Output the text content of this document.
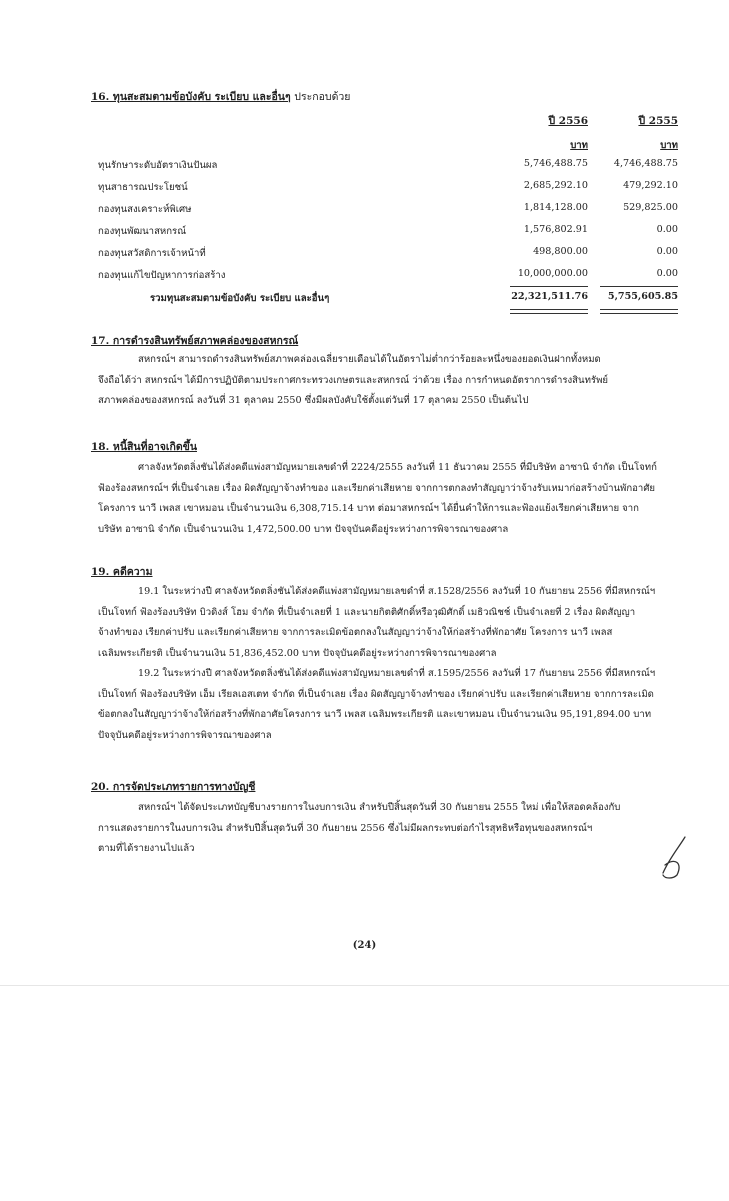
16. ทุนสะสมตามข้อบังคับ ระเบียบ และอื่นๆ ประกอบด้วย
ปี 2556	ปี 2555
บาท	บาท
ทุนรักษาระดับอัตราเงินปันผล	5,746,488.75	4,746,488.75
ทุนสาธารณประโยชน์	2,685,292.10	479,292.10
กองทุนสงเคราะห์พิเศษ	1,814,128.00	529,825.00
กองทุนพัฒนาสหกรณ์	1,576,802.91	0.00
กองทุนสวัสดิการเจ้าหน้าที่	498,800.00	0.00
กองทุนแก้ไขปัญหาการก่อสร้าง	10,000,000.00	0.00
รวมทุนสะสมตามข้อบังคับ ระเบียบ และอื่นๆ	22,321,511.76	5,755,605.85
17. การดำรงสินทรัพย์สภาพคล่องของสหกรณ์
สหกรณ์ฯ สามารถดำรงสินทรัพย์สภาพคล่องเฉลี่ยรายเดือนได้ในอัตราไม่ต่ำกว่าร้อยละหนึ่งของยอดเงินฝากทั้งหมด
จึงถือได้ว่า สหกรณ์ฯ ได้มีการปฏิบัติตามประกาศกระทรวงเกษตรและสหกรณ์ ว่าด้วย เรื่อง การกำหนดอัตราการดำรงสินทรัพย์
สภาพคล่องของสหกรณ์ ลงวันที่ 31 ตุลาคม 2550 ซึ่งมีผลบังคับใช้ตั้งแต่วันที่ 17 ตุลาคม 2550 เป็นต้นไป
18. หนี้สินที่อาจเกิดขึ้น
ศาลจังหวัดตลิ่งชันได้ส่งคดีแพ่งสามัญหมายเลขดำที่ 2224/2555 ลงวันที่ 11 ธันวาคม 2555 ที่มีบริษัท อาซานิ จำกัด เป็นโจทก์
ฟ้องร้องสหกรณ์ฯ ที่เป็นจำเลย เรื่อง ผิดสัญญาจ้างทำของ และเรียกค่าเสียหาย จากการตกลงทำสัญญาว่าจ้างรับเหมาก่อสร้างบ้านพักอาศัย
โครงการ นาวี เพลส เขาหมอน เป็นจำนวนเงิน 6,308,715.14 บาท ต่อมาสหกรณ์ฯ ได้ยื่นคำให้การและฟ้องแย้งเรียกค่าเสียหาย จาก
บริษัท อาซานิ จำกัด เป็นจำนวนเงิน 1,472,500.00 บาท ปัจจุบันคดีอยู่ระหว่างการพิจารณาของศาล
19. คดีความ
19.1 ในระหว่างปี ศาลจังหวัดตลิ่งชันได้ส่งคดีแพ่งสามัญหมายเลขดำที่ ส.1528/2556 ลงวันที่ 10 กันยายน 2556 ที่มีสหกรณ์ฯ
เป็นโจทก์ ฟ้องร้องบริษัท บิวดิงส์ โฮม จำกัด ที่เป็นจำเลยที่ 1 และนายกิตติศักดิ์หรือวุฒิศักดิ์ เมธิวณิชช์ เป็นจำเลยที่ 2 เรื่อง ผิดสัญญา
จ้างทำของ เรียกค่าปรับ และเรียกค่าเสียหาย จากการละเมิดข้อตกลงในสัญญาว่าจ้างให้ก่อสร้างที่พักอาศัย โครงการ นาวี เพลส
เฉลิมพระเกียรติ เป็นจำนวนเงิน 51,836,452.00 บาท ปัจจุบันคดีอยู่ระหว่างการพิจารณาของศาล
19.2 ในระหว่างปี ศาลจังหวัดตลิ่งชันได้ส่งคดีแพ่งสามัญหมายเลขดำที่ ส.1595/2556 ลงวันที่ 17 กันยายน 2556 ที่มีสหกรณ์ฯ
เป็นโจทก์ ฟ้องร้องบริษัท เอ็ม เรียลเอสเตท จำกัด ที่เป็นจำเลย เรื่อง ผิดสัญญาจ้างทำของ เรียกค่าปรับ และเรียกค่าเสียหาย จากการละเมิด
ข้อตกลงในสัญญาว่าจ้างให้ก่อสร้างที่พักอาศัยโครงการ นาวี เพลส เฉลิมพระเกียรติ และเขาหมอน เป็นจำนวนเงิน 95,191,894.00 บาท
ปัจจุบันคดีอยู่ระหว่างการพิจารณาของศาล
20. การจัดประเภทรายการทางบัญชี
สหกรณ์ฯ ได้จัดประเภทบัญชีบางรายการในงบการเงิน สำหรับปีสิ้นสุดวันที่ 30 กันยายน 2555 ใหม่ เพื่อให้สอดคล้องกับ
การแสดงรายการในงบการเงิน สำหรับปีสิ้นสุดวันที่ 30 กันยายน 2556 ซึ่งไม่มีผลกระทบต่อกำไรสุทธิหรือทุนของสหกรณ์ฯ
ตามที่ได้รายงานไปแล้ว
(24)
